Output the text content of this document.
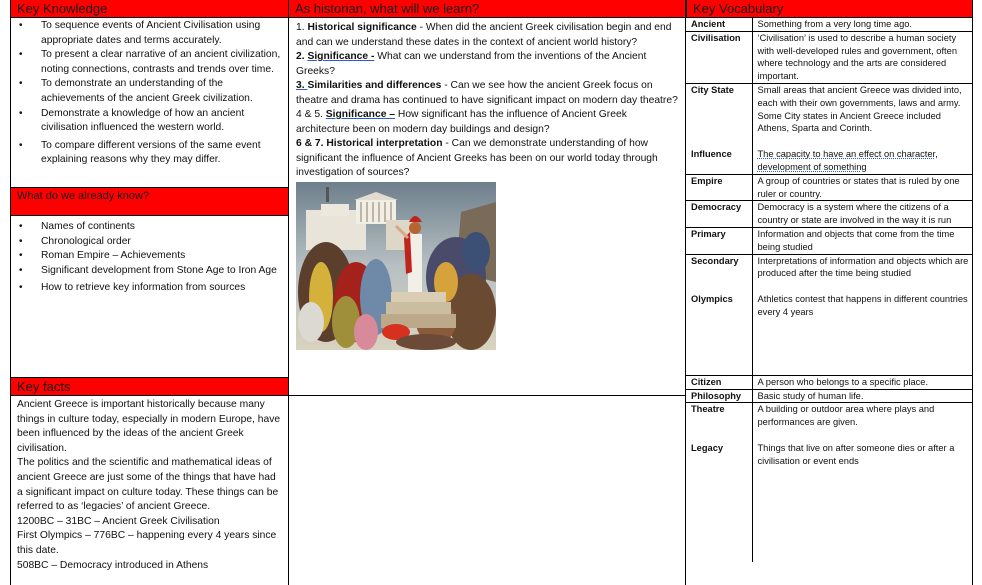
Key Knowledge
• To sequence events of Ancient Civilisation using appropriate dates and terms accurately.
• To present a clear narrative of an ancient civilization, noting connections, contrasts and trends over time.
• To demonstrate an understanding of the achievements of the ancient Greek civilization.
• Demonstrate a knowledge of how an ancient civilisation influenced the western world.
• To compare different versions of the same event explaining reasons why they may differ.
What do we already know?
• Names of continents
• Chronological order
• Roman Empire – Achievements
• Significant development from Stone Age to Iron Age
• How to retrieve key information from sources
Key facts

Ancient Greece is important historically because many things in culture today, especially in modern Europe, have been influenced by the ideas of the ancient Greek civilisation.

The politics and the scientific and mathematical ideas of ancient Greece are just some of the things that have had a significant impact on culture today. These things can be referred to as ‘legacies’ of ancient Greece.

1200BC – 31BC – Ancient Greek Civilisation

First Olympics – 776BC – happening every 4 years since this date.

508BC – Democracy introduced in Athens

As historian, what will we learn?

1. Historical significance - When did the ancient Greek civilisation begin and end and can we understand these dates in the context of ancient world history?

2. Significance - What can we understand from the inventions of the Ancient Greeks?

3. Similarities and differences - Can we see how the ancient Greek focus on theatre and drama has continued to have significant impact on modern day theatre?

4 & 5. Significance – How significant has the influence of Ancient Greek architecture been on modern day buildings and design?

6 & 7. Historical interpretation - Can we demonstrate understanding of how significant the influence of Ancient Greeks has been on our world today through investigation of sources?

Key Vocabulary
Ancient	Something from a very long time ago.
Civilisation	‘Civilisation’ is used to describe a human society with well-developed rules and government, often where technology and the arts are considered important.
City State	Small areas that ancient Greece was divided into, each with their own governments, laws and army.
Some City states in Ancient Greece included Athens, Sparta and Corinth.

Influence	The capacity to have an effect on character, development of something
Empire	A group of countries or states that is ruled by one ruler or country.
Democracy	Democracy is a system where the citizens of a country or state are involved in the way it is run
Primary	Information and objects that come from the time being studied
Secondary	Interpretations of information and objects which are produced after the time being studied

Olympics	Athletics contest that happens in different countries every 4 years

Citizen	A person who belongs to a specific place.
Philosophy	Basic study of human life.
Theatre	A building or outdoor area where plays and performances are given.

Legacy	Things that live on after someone dies or after a civilisation or event ends
